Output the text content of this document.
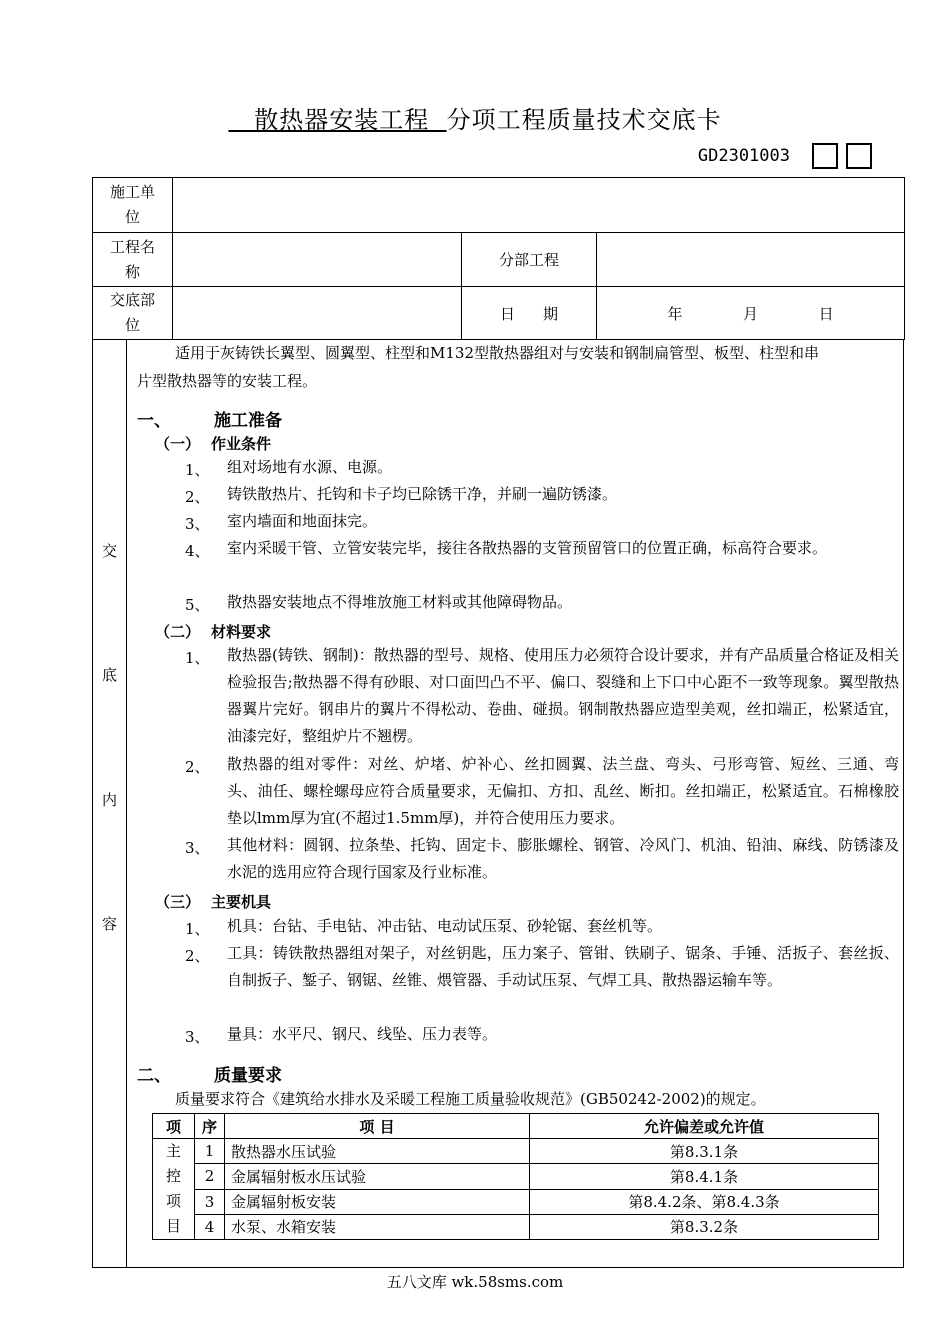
散热器安装工程  分项工程质量技术交底卡
GD2301003
施工单
位			
工程名
称		分部工程	
交底部
位		日期	年 月 日
交
底
内
容
适用于灰铸铁长翼型、圆翼型、柱型和M132型散热器组对与安装和钢制扁管型、板型、柱型和串
片型散热器等的安装工程。
一、	施工准备
（一） 作业条件
1、 组对场地有水源、电源。
2、 铸铁散热片、托钩和卡子均已除锈干净，并刷一遍防锈漆。
3、 室内墙面和地面抹完。
4、 室内采暖干管、立管安装完毕，接往各散热器的支管预留管口的位置正确，标高符合要求。
5、 散热器安装地点不得堆放施工材料或其他障碍物品。
（二） 材料要求
1、 散热器(铸铁、钢制)：散热器的型号、规格、使用压力必须符合设计要求，并有产品质量合格证及相关检验报告;散热器不得有砂眼、对口面凹凸不平、偏口、裂缝和上下口中心距不一致等现象。翼型散热器翼片完好。钢串片的翼片不得松动、卷曲、碰损。钢制散热器应造型美观，丝扣端正，松紧适宜，油漆完好，整组炉片不翘楞。
2、 散热器的组对零件：对丝、炉堵、炉补心、丝扣圆翼、法兰盘、弯头、弓形弯管、短丝、三通、弯头、油任、螺栓螺母应符合质量要求，无偏扣、方扣、乱丝、断扣。丝扣端正，松紧适宜。石棉橡胶垫以lmm厚为宜(不超过1.5mm厚)，并符合使用压力要求。
3、 其他材料：圆钢、拉条垫、托钩、固定卡、膨胀螺栓、钢管、冷风门、机油、铅油、麻线、防锈漆及水泥的选用应符合现行国家及行业标准。
（三） 主要机具
1、 机具：台钻、手电钻、冲击钻、电动试压泵、砂轮锯、套丝机等。
2、 工具：铸铁散热器组对架子，对丝钥匙，压力案子、管钳、铁刷子、锯条、手锤、活扳子、套丝扳、自制扳子、錾子、钢锯、丝锥、煨管器、手动试压泵、气焊工具、散热器运输车等。
3、 量具：水平尺、钢尺、线坠、压力表等。
二、	质量要求
质量要求符合《建筑给水排水及采暖工程施工质量验收规范》(GB50242-2002)的规定。
项	序	项 目	允许偏差或允许值
主
控
项
目	1	散热器水压试验	第8.3.1条
	2	金属辐射板水压试验	第8.4.1条
	3	金属辐射板安装	第8.4.2条、第8.4.3条
	4	水泵、水箱安装	第8.3.2条
五八文库 wk.58sms.com
